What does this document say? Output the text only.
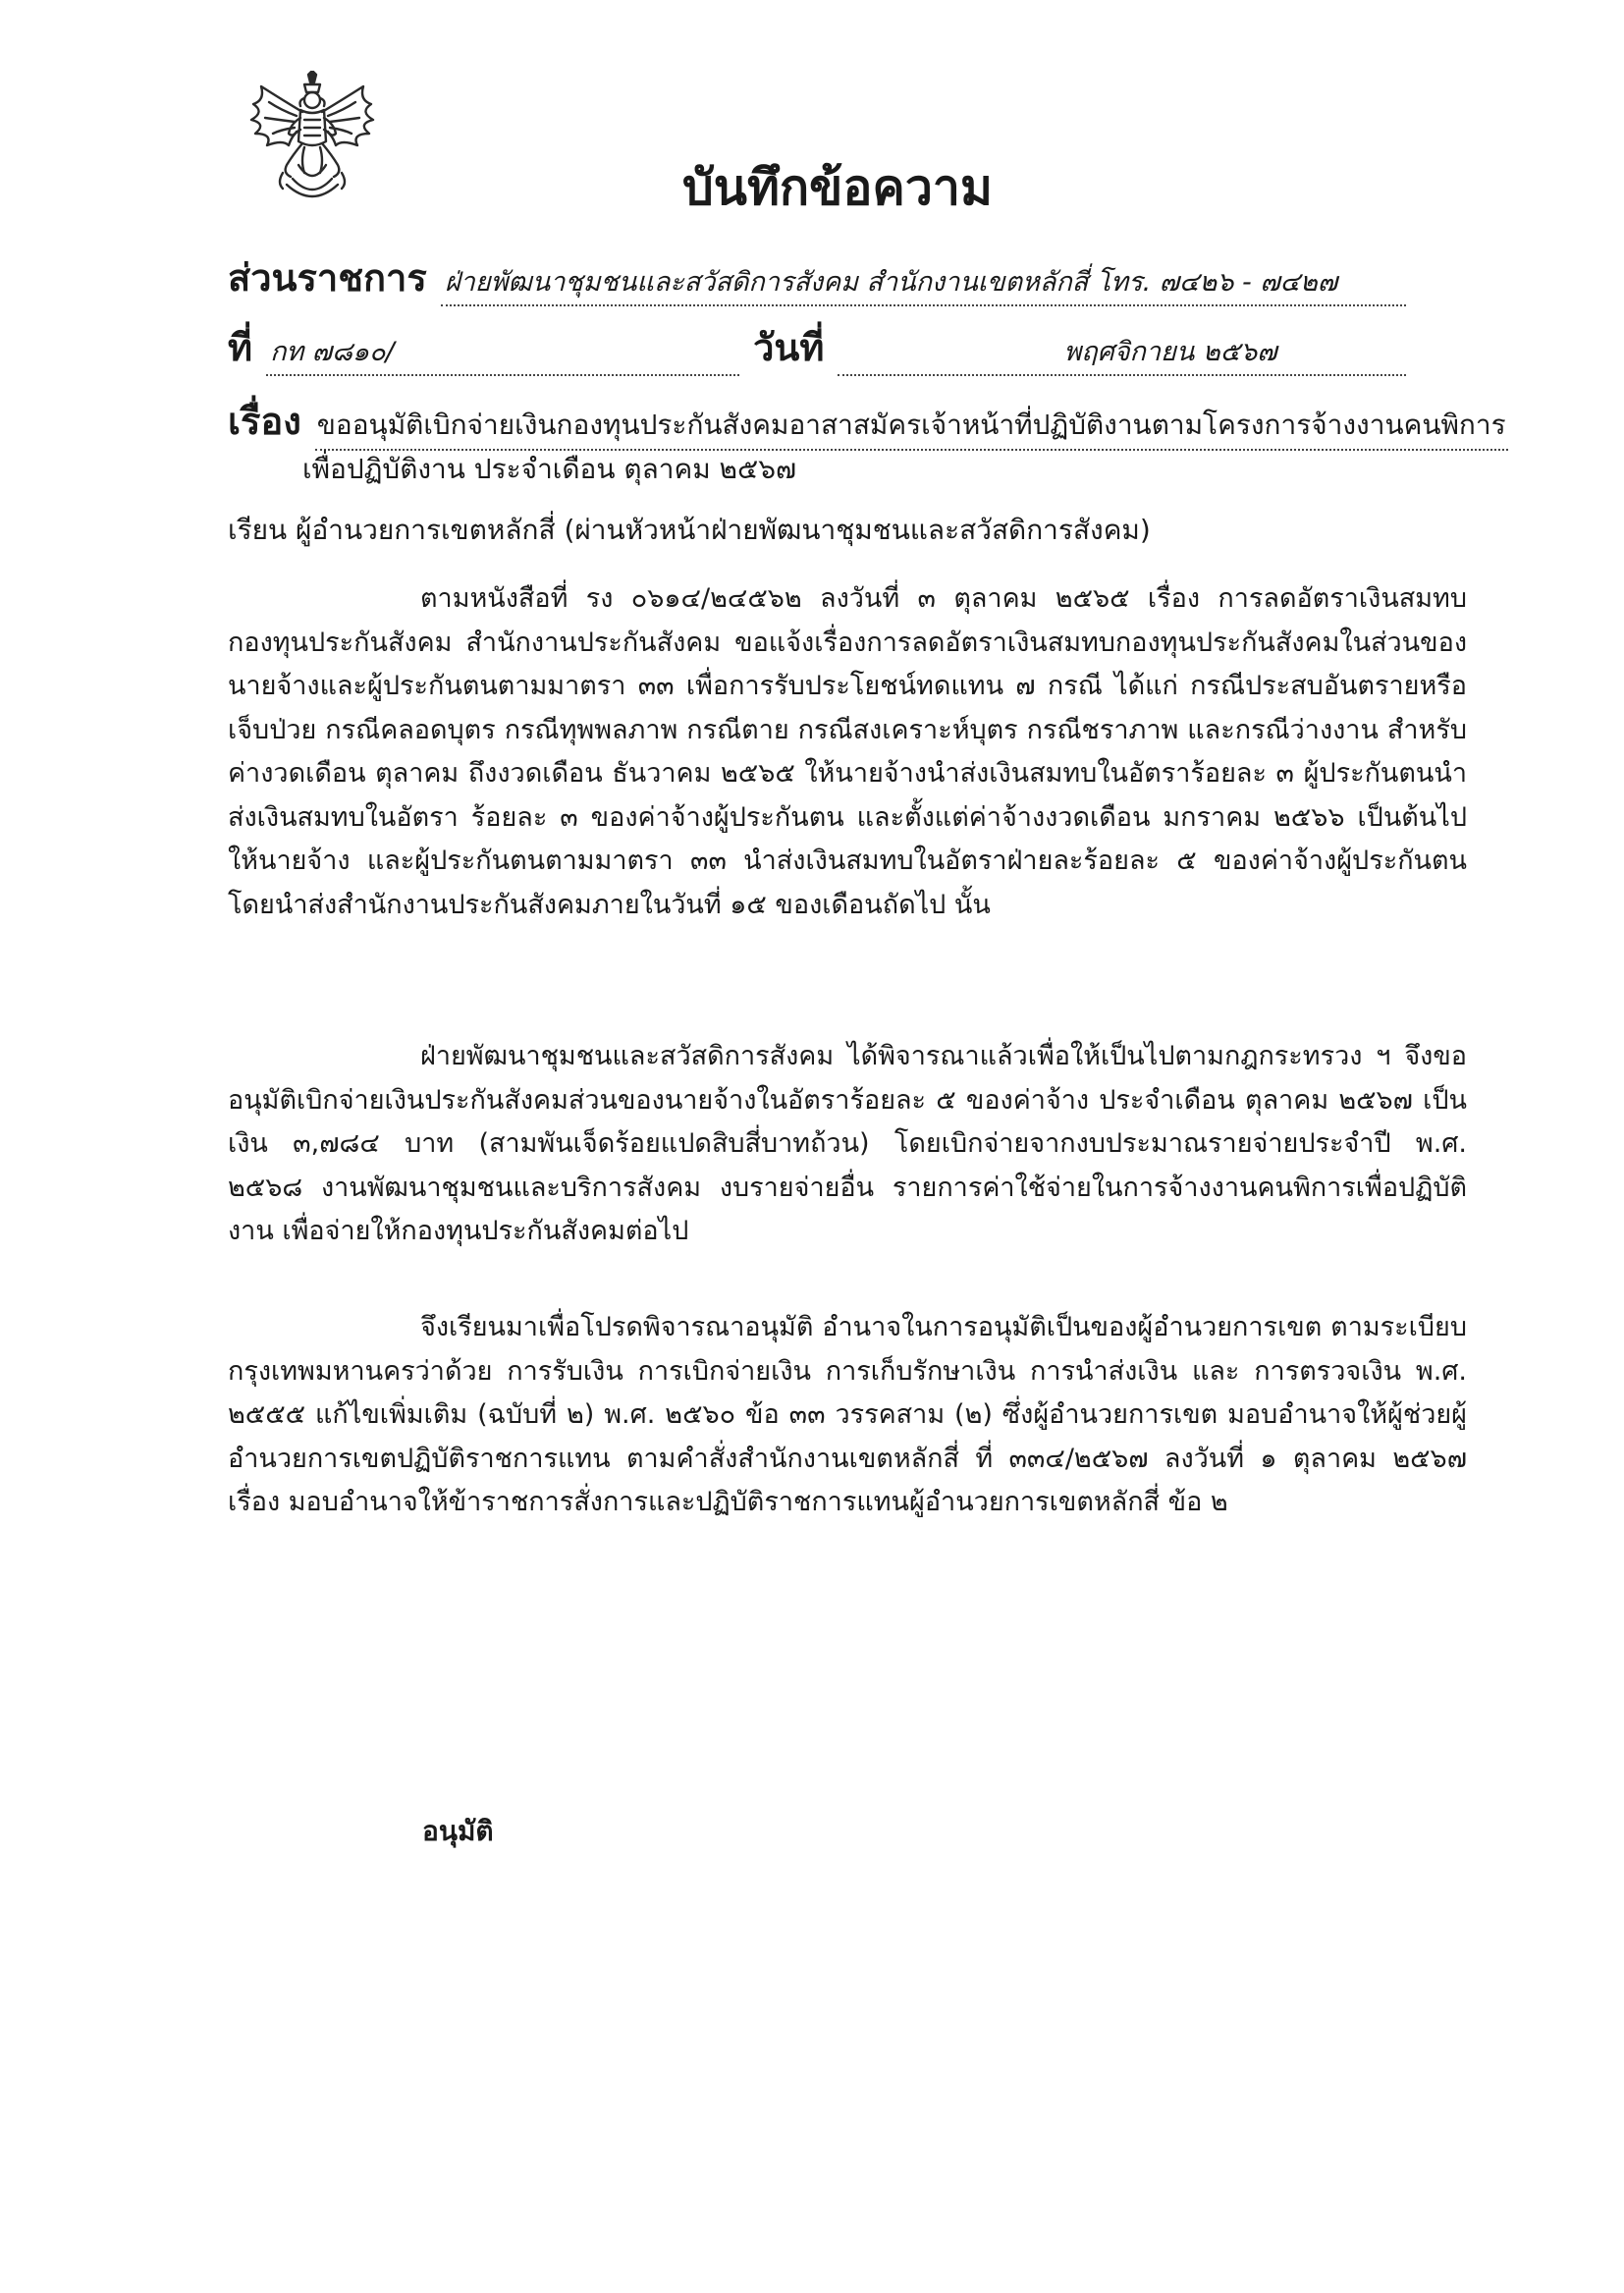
บันทึกข้อความ
ส่วนราชการ ฝ่ายพัฒนาชุมชนและสวัสดิการสังคม สำนักงานเขตหลักสี่ โทร. ๗๔๒๖ - ๗๔๒๗
ที่ กท ๗๘๑๐/	วันที่	พฤศจิกายน ๒๕๖๗
เรื่อง ขออนุมัติเบิกจ่ายเงินกองทุนประกันสังคมอาสาสมัครเจ้าหน้าที่ปฏิบัติงานตามโครงการจ้างงานคนพิการ
เพื่อปฏิบัติงาน ประจำเดือน ตุลาคม ๒๕๖๗
เรียน ผู้อำนวยการเขตหลักสี่ (ผ่านหัวหน้าฝ่ายพัฒนาชุมชนและสวัสดิการสังคม)

ตามหนังสือที่ รง ๐๖๑๔/๒๔๕๖๒ ลงวันที่ ๓ ตุลาคม ๒๕๖๕ เรื่อง การลดอัตราเงินสมทบกองทุนประกันสังคม สำนักงานประกันสังคม ขอแจ้งเรื่องการลดอัตราเงินสมทบกองทุนประกันสังคมในส่วนของนายจ้างและผู้ประกันตนตามมาตรา ๓๓ เพื่อการรับประโยชน์ทดแทน ๗ กรณี ได้แก่ กรณีประสบอันตรายหรือเจ็บป่วย กรณีคลอดบุตร กรณีทุพพลภาพ กรณีตาย กรณีสงเคราะห์บุตร กรณีชราภาพ และกรณีว่างงาน สำหรับค่างวดเดือน ตุลาคม ถึงงวดเดือน ธันวาคม ๒๕๖๕ ให้นายจ้างนำส่งเงินสมทบในอัตราร้อยละ ๓ ผู้ประกันตนนำส่งเงินสมทบในอัตรา ร้อยละ ๓ ของค่าจ้างผู้ประกันตน และตั้งแต่ค่าจ้างงวดเดือน มกราคม ๒๕๖๖ เป็นต้นไป ให้นายจ้าง และผู้ประกันตนตามมาตรา ๓๓ นำส่งเงินสมทบในอัตราฝ่ายละร้อยละ ๕ ของค่าจ้างผู้ประกันตน โดยนำส่งสำนักงานประกันสังคมภายในวันที่ ๑๕ ของเดือนถัดไป นั้น

ฝ่ายพัฒนาชุมชนและสวัสดิการสังคม ได้พิจารณาแล้วเพื่อให้เป็นไปตามกฎกระทรวง ฯ จึงขออนุมัติเบิกจ่ายเงินประกันสังคมส่วนของนายจ้างในอัตราร้อยละ ๕ ของค่าจ้าง ประจำเดือน ตุลาคม ๒๕๖๗ เป็นเงิน ๓,๗๘๔ บาท (สามพันเจ็ดร้อยแปดสิบสี่บาทถ้วน) โดยเบิกจ่ายจากงบประมาณรายจ่ายประจำปี พ.ศ. ๒๕๖๘ งานพัฒนาชุมชนและบริการสังคม งบรายจ่ายอื่น รายการค่าใช้จ่ายในการจ้างงานคนพิการเพื่อปฏิบัติงาน เพื่อจ่ายให้กองทุนประกันสังคมต่อไป

จึงเรียนมาเพื่อโปรดพิจารณาอนุมัติ อำนาจในการอนุมัติเป็นของผู้อำนวยการเขต ตามระเบียบกรุงเทพมหานครว่าด้วย การรับเงิน การเบิกจ่ายเงิน การเก็บรักษาเงิน การนำส่งเงิน และ การตรวจเงิน พ.ศ. ๒๕๕๕ แก้ไขเพิ่มเติม (ฉบับที่ ๒) พ.ศ. ๒๕๖๐ ข้อ ๓๓ วรรคสาม (๒) ซึ่งผู้อำนวยการเขต มอบอำนาจให้ผู้ช่วยผู้อำนวยการเขตปฏิบัติราชการแทน ตามคำสั่งสำนักงานเขตหลักสี่ ที่ ๓๓๔/๒๕๖๗ ลงวันที่ ๑ ตุลาคม ๒๕๖๗ เรื่อง มอบอำนาจให้ข้าราชการสั่งการและปฏิบัติราชการแทนผู้อำนวยการเขตหลักสี่ ข้อ ๒

อนุมัติ
